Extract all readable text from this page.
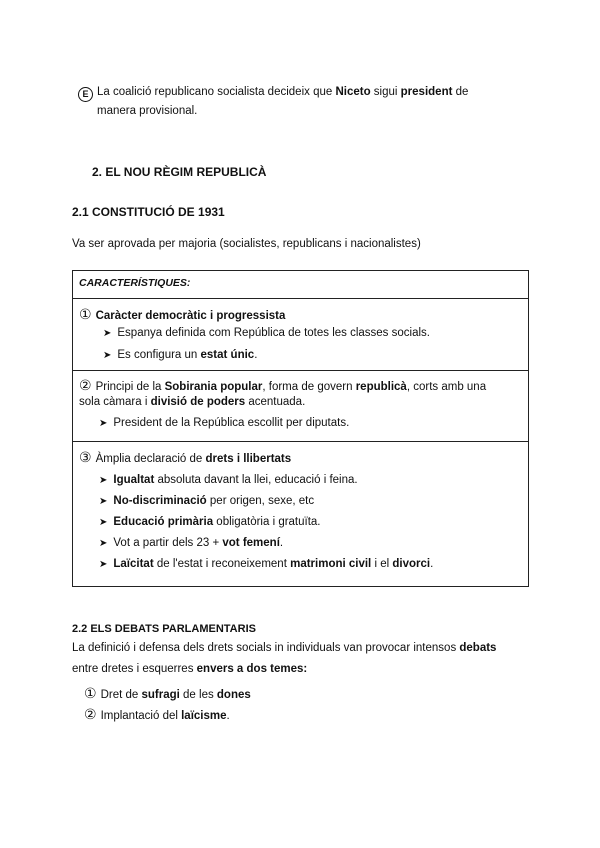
E La coalició republicano socialista decideix que Niceto sigui president de
manera provisional.
2. EL NOU RÈGIM REPUBLICÀ
2.1 CONSTITUCIÓ DE 1931
Va ser aprovada per majoria (socialistes, republicans i nacionalistes)
CARACTERÍSTIQUES:
① Caràcter democràtic i progressista
➤ Espanya definida com República de totes les classes socials.
➤ Es configura un estat únic.
② Principi de la Sobirania popular, forma de govern republicà, corts amb una
sola càmara i divisió de poders acentuada.
➤ President de la República escollit per diputats.
③ Àmplia declaració de drets i llibertats
➤ Igualtat absoluta davant la llei, educació i feina.
➤ No-discriminació per origen, sexe, etc
➤ Educació primària obligatòria i gratuïta.
➤ Vot a partir dels 23 + vot femení.
➤ Laïcitat de l'estat i reconeixement matrimoni civil i el divorci.
2.2 ELS DEBATS PARLAMENTARIS
La definició i defensa dels drets socials in individuals van provocar intensos debats
entre dretes i esquerres envers a dos temes:
① Dret de sufragi de les dones
② Implantació del laïcisme.
